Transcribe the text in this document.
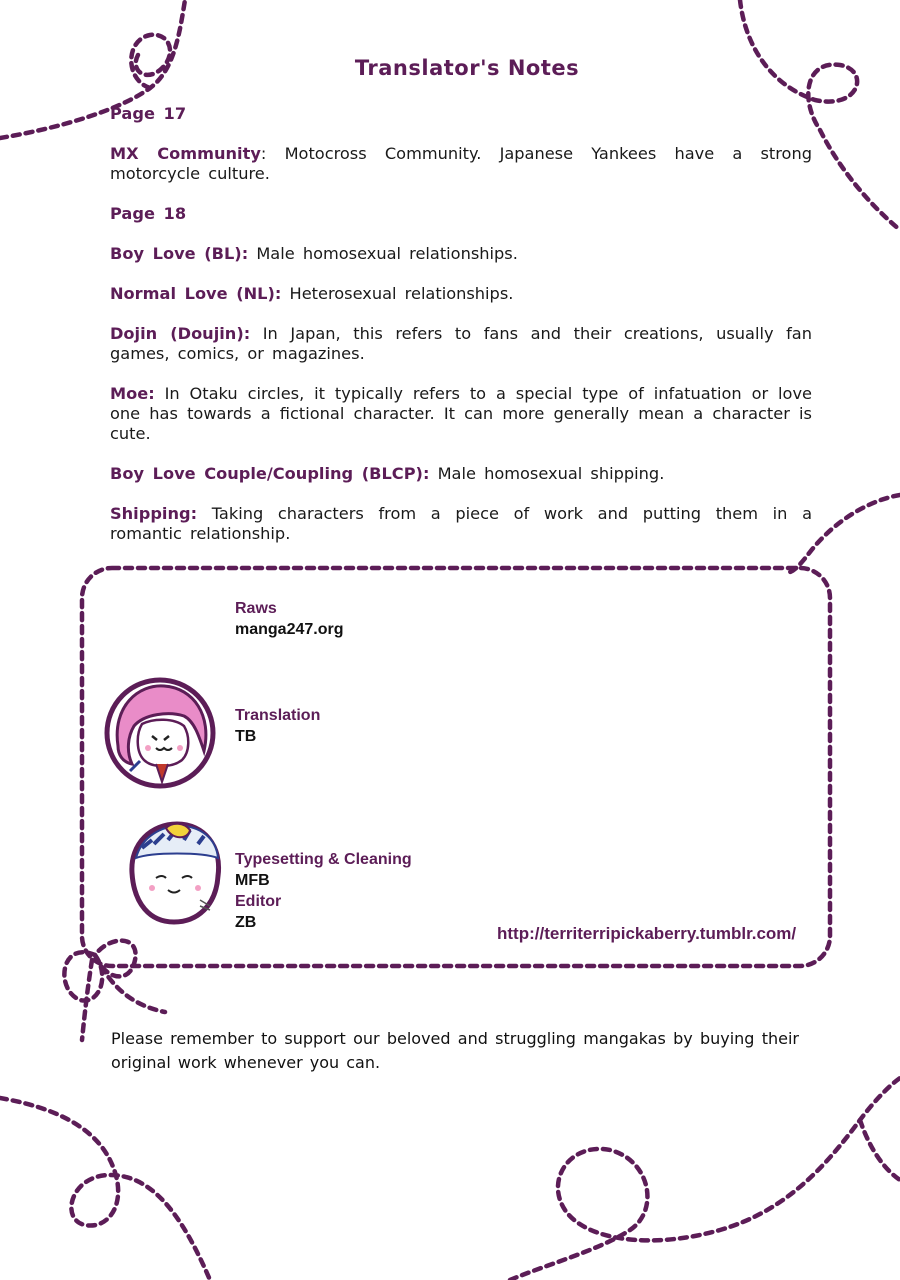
Translator's Notes

Page 17

MX Community: Motocross Community. Japanese Yankees have a strong motorcycle culture.

Page 18

Boy Love (BL): Male homosexual relationships.

Normal Love (NL): Heterosexual relationships.

Dojin (Doujin): In Japan, this refers to fans and their creations, usually fan games, comics, or magazines.

Moe: In Otaku circles, it typically refers to a special type of infatuation or love one has towards a fictional character. It can more generally mean a character is cute.

Boy Love Couple/Coupling (BLCP): Male homosexual shipping.

Shipping: Taking characters from a piece of work and putting them in a romantic relationship.

Raws
manga247.org
Translation
TB
Typesetting & Cleaning
MFB
Editor
ZB
http://territerripickaberry.tumblr.com/
Please remember to support our beloved and struggling mangakas by buying their original work whenever you can.
